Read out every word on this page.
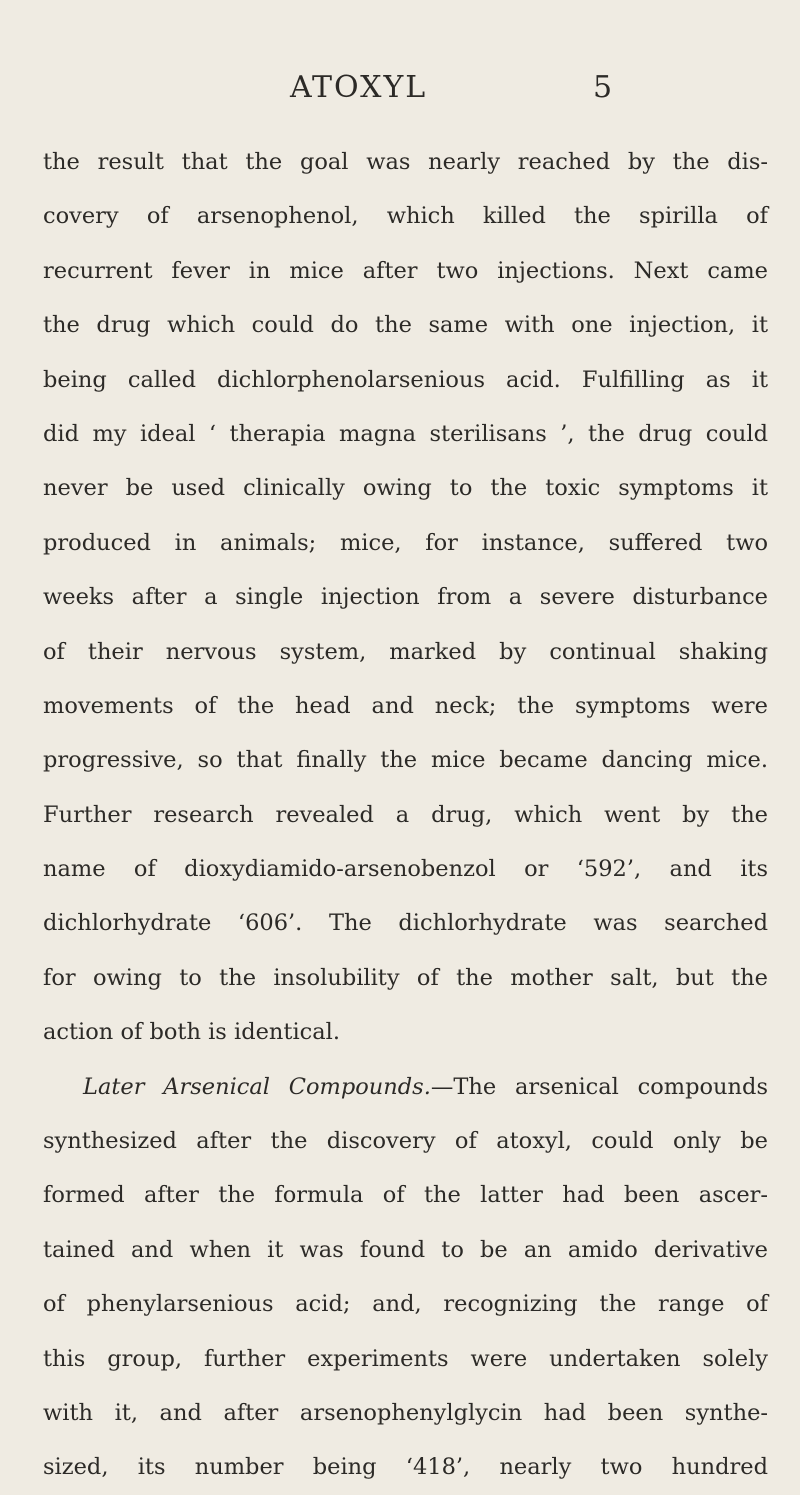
ATOXYL	5
the result that the goal was nearly reached by the dis-
covery of arsenophenol, which killed the spirilla of
recurrent fever in mice after two injections. Next came
the drug which could do the same with one injection, it
being called dichlorphenolarsenious acid. Fulfilling as it
did my ideal ‘ therapia magna sterilisans ’, the drug could
never be used clinically owing to the toxic symptoms it
produced in animals; mice, for instance, suffered two
weeks after a single injection from a severe disturbance
of their nervous system, marked by continual shaking
movements of the head and neck; the symptoms were
progressive, so that finally the mice became dancing mice.
Further research revealed a drug, which went by the
name of dioxydiamido-arsenobenzol or ‘592’, and its
dichlorhydrate ‘606’. The dichlorhydrate was searched
for owing to the insolubility of the mother salt, but the
action of both is identical.
Later Arsenical Compounds.—The arsenical compounds
synthesized after the discovery of atoxyl, could only be
formed after the formula of the latter had been ascer-
tained and when it was found to be an amido derivative
of phenylarsenious acid; and, recognizing the range of
this group, further experiments were undertaken solely
with it, and after arsenophenylglycin had been synthe-
sized, its number being ‘418’, nearly two hundred
